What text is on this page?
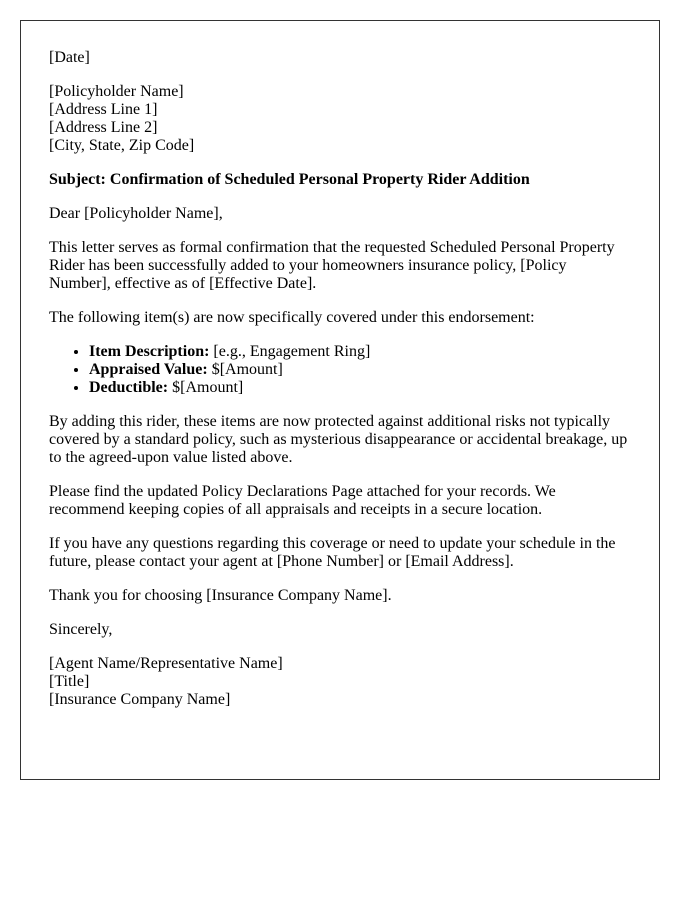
[Date]

[Policyholder Name]
[Address Line 1]
[Address Line 2]
[City, State, Zip Code]

Subject: Confirmation of Scheduled Personal Property Rider Addition

Dear [Policyholder Name],

This letter serves as formal confirmation that the requested Scheduled Personal Property Rider has been successfully added to your homeowners insurance policy, [Policy Number], effective as of [Effective Date].

The following item(s) are now specifically covered under this endorsement:

• Item Description: [e.g., Engagement Ring]
• Appraised Value: $[Amount]
• Deductible: $[Amount]

By adding this rider, these items are now protected against additional risks not typically covered by a standard policy, such as mysterious disappearance or accidental breakage, up to the agreed-upon value listed above.

Please find the updated Policy Declarations Page attached for your records. We recommend keeping copies of all appraisals and receipts in a secure location.

If you have any questions regarding this coverage or need to update your schedule in the future, please contact your agent at [Phone Number] or [Email Address].

Thank you for choosing [Insurance Company Name].

Sincerely,

[Agent Name/Representative Name]
[Title]
[Insurance Company Name]
